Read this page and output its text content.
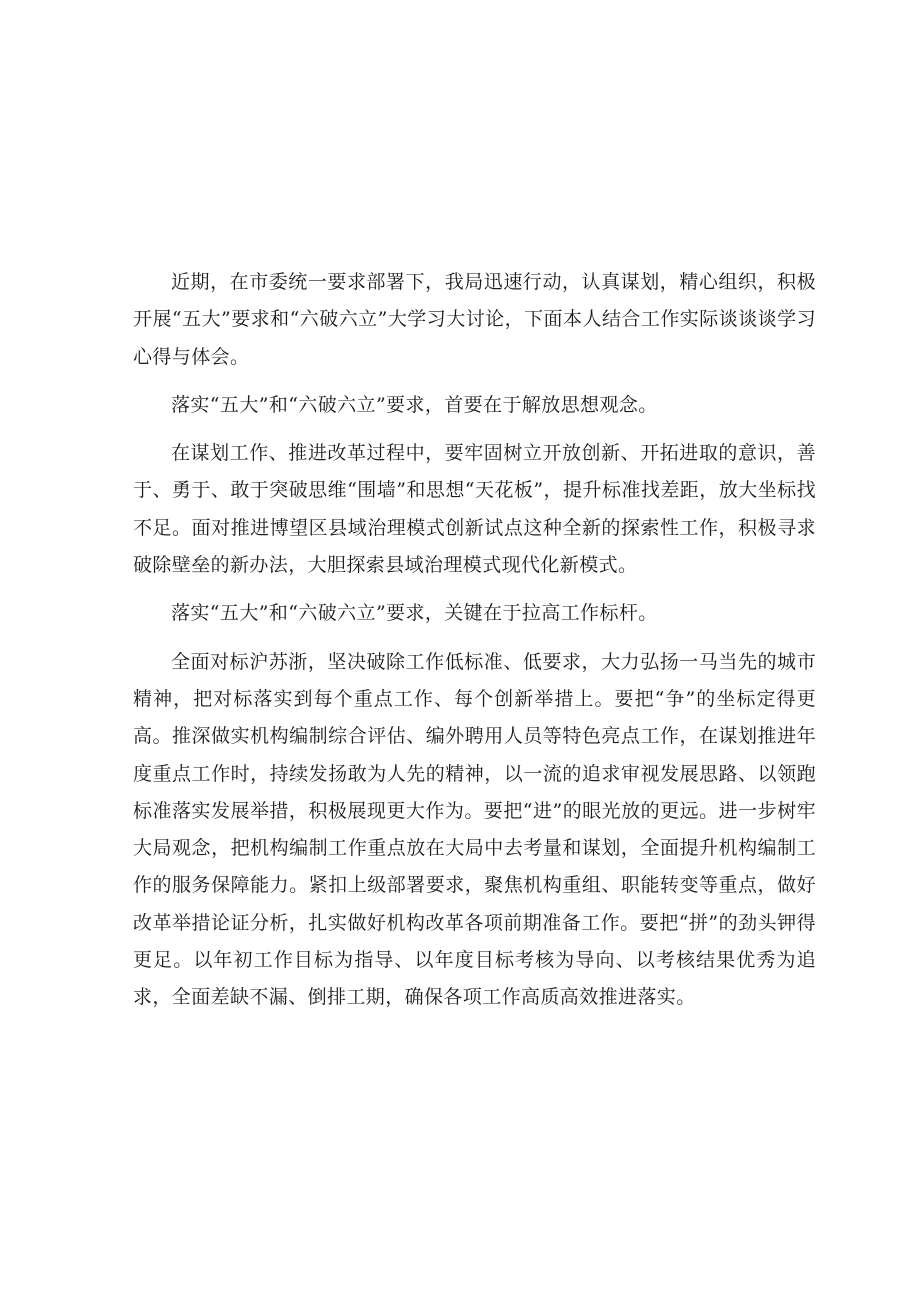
近期，在市委统一要求部署下，我局迅速行动，认真谋划，精心组织，积极开展“五大”要求和“六破六立”大学习大讨论，下面本人结合工作实际谈谈谈学习心得与体会。

落实“五大”和“六破六立”要求，首要在于解放思想观念。

在谋划工作、推进改革过程中，要牢固树立开放创新、开拓进取的意识，善于、勇于、敢于突破思维“围墙”和思想“天花板”，提升标准找差距，放大坐标找不足。面对推进博望区县域治理模式创新试点这种全新的探索性工作，积极寻求破除壁垒的新办法，大胆探索县域治理模式现代化新模式。

落实“五大”和“六破六立”要求，关键在于拉高工作标杆。

全面对标沪苏浙，坚决破除工作低标准、低要求，大力弘扬一马当先的城市精神，把对标落实到每个重点工作、每个创新举措上。要把“争”的坐标定得更高。推深做实机构编制综合评估、编外聘用人员等特色亮点工作，在谋划推进年度重点工作时，持续发扬敢为人先的精神，以一流的追求审视发展思路、以领跑标准落实发展举措，积极展现更大作为。要把“进”的眼光放的更远。进一步树牢大局观念，把机构编制工作重点放在大局中去考量和谋划，全面提升机构编制工作的服务保障能力。紧扣上级部署要求，聚焦机构重组、职能转变等重点，做好改革举措论证分析，扎实做好机构改革各项前期准备工作。要把“拼”的劲头钾得更足。以年初工作目标为指导、以年度目标考核为导向、以考核结果优秀为追求，全面差缺不漏、倒排工期，确保各项工作高质高效推进落实。
